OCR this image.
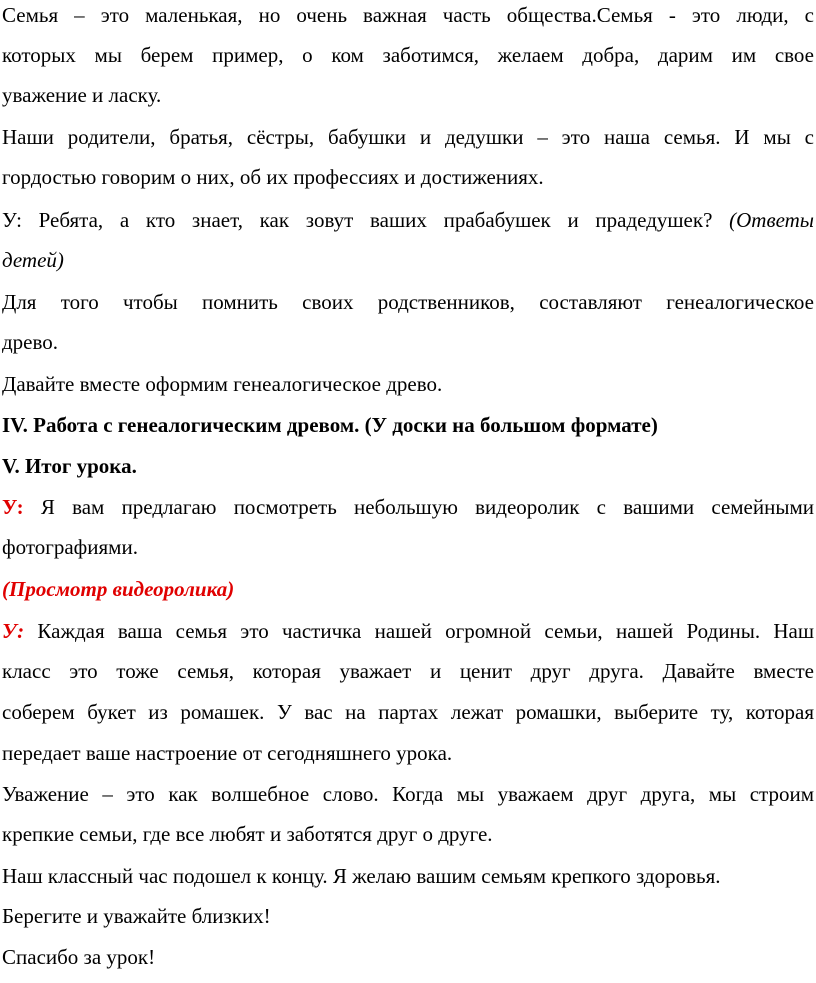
Семья – это маленькая, но очень важная часть общества.Семья - это люди, с
которых мы берем пример, о ком заботимся, желаем добра, дарим им свое
уважение и ласку.
Наши родители, братья, сёстры, бабушки и дедушки – это наша семья. И мы с
гордостью говорим о них, об их профессиях и достижениях.
У: Ребята, а кто знает, как зовут ваших прабабушек и прадедушек? (Ответы
детей)
Для того чтобы помнить своих родственников, составляют генеалогическое
древо.
Давайте вместе оформим генеалогическое древо.
IV. Работа с генеалогическим древом. (У доски на большом формате)
V. Итог урока.
У: Я вам предлагаю посмотреть небольшую видеоролик с вашими семейными
фотографиями.
(Просмотр видеоролика)
У: Каждая ваша семья это частичка нашей огромной семьи, нашей Родины. Наш
класс это тоже семья, которая уважает и ценит друг друга. Давайте вместе
соберем букет из ромашек. У вас на партах лежат ромашки, выберите ту, которая
передает ваше настроение от сегодняшнего урока.
Уважение – это как волшебное слово. Когда мы уважаем друг друга, мы строим
крепкие семьи, где все любят и заботятся друг о друге.
Наш классный час подошел к концу. Я желаю вашим семьям крепкого здоровья.
Берегите и уважайте близких!
Спасибо за урок!
